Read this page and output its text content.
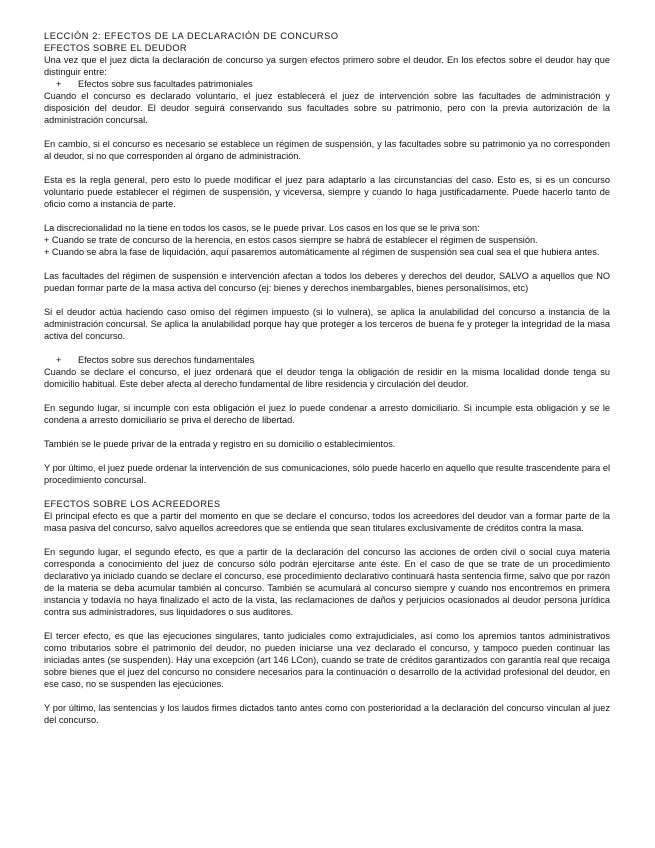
LECCIÓN 2: EFECTOS DE LA DECLARACIÓN DE CONCURSO
EFECTOS SOBRE EL DEUDOR

Una vez que el juez dicta la declaración de concurso ya surgen efectos primero sobre el deudor. En los efectos sobre el deudor hay que distinguir entre:

+	Efectos sobre sus facultades patrimoniales

Cuando el concurso es declarado voluntario, el juez establecerá el juez de intervención sobre las facultades de administración y disposición del deudor. El deudor seguirá conservando sus facultades sobre su patrimonio, pero con la previa autorización de la administración concursal.

En cambio, si el concurso es necesario se establece un régimen de suspensión, y las facultades sobre su patrimonio ya no corresponden al deudor, si no que corresponden al órgano de administración.

Esta es la regla general, pero esto lo puede modificar el juez para adaptarlo a las circunstancias del caso. Esto es, si es un concurso voluntario puede establecer el régimen de suspensión, y viceversa, siempre y cuando lo haga justificadamente. Puede hacerlo tanto de oficio como a instancia de parte.

La discrecionalidad no la tiene en todos los casos, se le puede privar. Los casos en los que se le priva son:

+ Cuando se trate de concurso de la herencia, en estos casos siempre se habrá de establecer el régimen de suspensión.

+ Cuando se abra la fase de liquidación, aquí pasaremos automáticamente al régimen de suspensión sea cual sea el que hubiera antes.

Las facultades del régimen de suspensión e intervención afectan a todos los deberes y derechos del deudor, SALVO a aquellos que NO puedan formar parte de la masa activa del concurso (ej: bienes y derechos inembargables, bienes personalísimos, etc)

Si el deudor actúa haciendo caso omiso del régimen impuesto (si lo vulnera), se aplica la anulabilidad del concurso a instancia de la administración concursal. Se aplica la anulabilidad porque hay que proteger a los terceros de buena fe y proteger la integridad de la masa activa del concurso.

+	Efectos sobre sus derechos fundamentales

Cuando se declare el concurso, el juez ordenará que el deudor tenga la obligación de residir en la misma localidad donde tenga su domicilio habitual. Este deber afecta al derecho fundamental de libre residencia y circulación del deudor.

En segundo lugar, si incumple con esta obligación el juez lo puede condenar a arresto domiciliario. Si incumple esta obligación y se le condena a arresto domiciliario se priva el derecho de libertad.

También se le puede privar de la entrada y registro en su domicilio o establecimientos.

Y por último, el juez puede ordenar la intervención de sus comunicaciones, sólo puede hacerlo en aquello que resulte trascendente para el procedimiento concursal.

EFECTOS SOBRE LOS ACREEDORES

El principal efecto es que a partir del momento en que se declare el concurso, todos los acreedores del deudor van a formar parte de la masa pasiva del concurso, salvo aquellos acreedores que se entienda que sean titulares exclusivamente de créditos contra la masa.

En segundo lugar, el segundo efecto, es que a partir de la declaración del concurso las acciones de orden civil o social cuya materia corresponda a conocimiento del juez de concurso sólo podrán ejercitarse ante éste. En el caso de que se trate de un procedimiento declarativo ya iniciado cuando se declare el concurso, ese procedimiento declarativo continuará hasta sentencia firme, salvo que por razón de la materia se deba acumular también al concurso. También se acumulará al concurso siempre y cuando nos encontremos en primera instancia y todavía no haya finalizado el acto de la vista, las reclamaciones de daños y perjuicios ocasionados al deudor persona jurídica contra sus administradores, sus liquidadores o sus auditores.

El tercer efecto, es que las ejecuciones singulares, tanto judiciales como extrajudiciales, así como los apremios tantos administrativos como tributarios sobre el patrimonio del deudor, no pueden iniciarse una vez declarado el concurso, y tampoco pueden continuar las iniciadas antes (se suspenden). Hay una excepción (art 146 LCon), cuando se trate de créditos garantizados con garantía real que recaiga sobre bienes que el juez del concurso no considere necesarios para la continuación o desarrollo de la actividad profesional del deudor, en ese caso, no se suspenden las ejecuciones.

Y por último, las sentencias y los laudos firmes dictados tanto antes como con posterioridad a la declaración del concurso vinculan al juez del concurso.
